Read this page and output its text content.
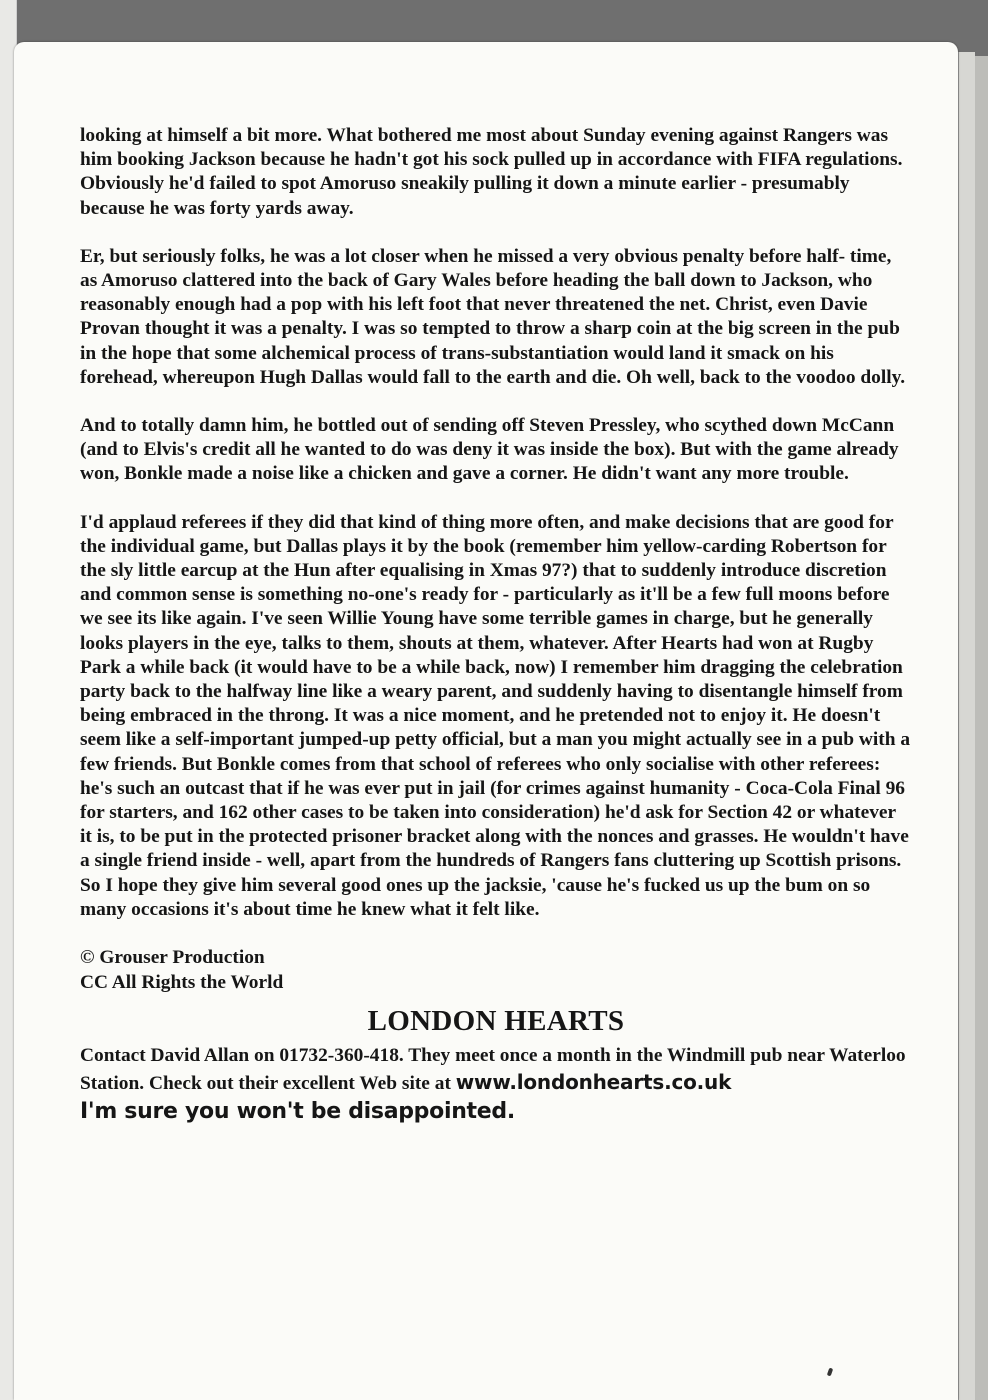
looking at himself a bit more. What bothered me most about Sunday evening against Rangers was him booking Jackson because he hadn't got his sock pulled up in accordance with FIFA regulations. Obviously he'd failed to spot Amoruso sneakily pulling it down a minute earlier - presumably because he was forty yards away.

Er, but seriously folks, he was a lot closer when he missed a very obvious penalty before half- time, as Amoruso clattered into the back of Gary Wales before heading the ball down to Jackson, who reasonably enough had a pop with his left foot that never threatened the net. Christ, even Davie Provan thought it was a penalty. I was so tempted to throw a sharp coin at the big screen in the pub in the hope that some alchemical process of trans-substantiation would land it smack on his forehead, whereupon Hugh Dallas would fall to the earth and die. Oh well, back to the voodoo dolly.

And to totally damn him, he bottled out of sending off Steven Pressley, who scythed down McCann (and to Elvis's credit all he wanted to do was deny it was inside the box). But with the game already won, Bonkle made a noise like a chicken and gave a corner. He didn't want any more trouble.

I'd applaud referees if they did that kind of thing more often, and make decisions that are good for the individual game, but Dallas plays it by the book (remember him yellow-carding Robertson for the sly little earcup at the Hun after equalising in Xmas 97?) that to suddenly introduce discretion and common sense is something no-one's ready for - particularly as it'll be a few full moons before we see its like again. I've seen Willie Young have some terrible games in charge, but he generally looks players in the eye, talks to them, shouts at them, whatever. After Hearts had won at Rugby Park a while back (it would have to be a while back, now) I remember him dragging the celebration party back to the halfway line like a weary parent, and suddenly having to disentangle himself from being embraced in the throng. It was a nice moment, and he pretended not to enjoy it. He doesn't seem like a self-important jumped-up petty official, but a man you might actually see in a pub with a few friends. But Bonkle comes from that school of referees who only socialise with other referees: he's such an outcast that if he was ever put in jail (for crimes against humanity - Coca-Cola Final 96 for starters, and 162 other cases to be taken into consideration) he'd ask for Section 42 or whatever it is, to be put in the protected prisoner bracket along with the nonces and grasses. He wouldn't have a single friend inside - well, apart from the hundreds of Rangers fans cluttering up Scottish prisons. So I hope they give him several good ones up the jacksie, 'cause he's fucked us up the bum on so many occasions it's about time he knew what it felt like.

© Grouser Production
CC All Rights the World
LONDON HEARTS
Contact David Allan on 01732-360-418. They meet once a month in the Windmill pub near Waterloo Station. Check out their excellent Web site at www.londonhearts.co.uk
I'm sure you won't be disappointed.
